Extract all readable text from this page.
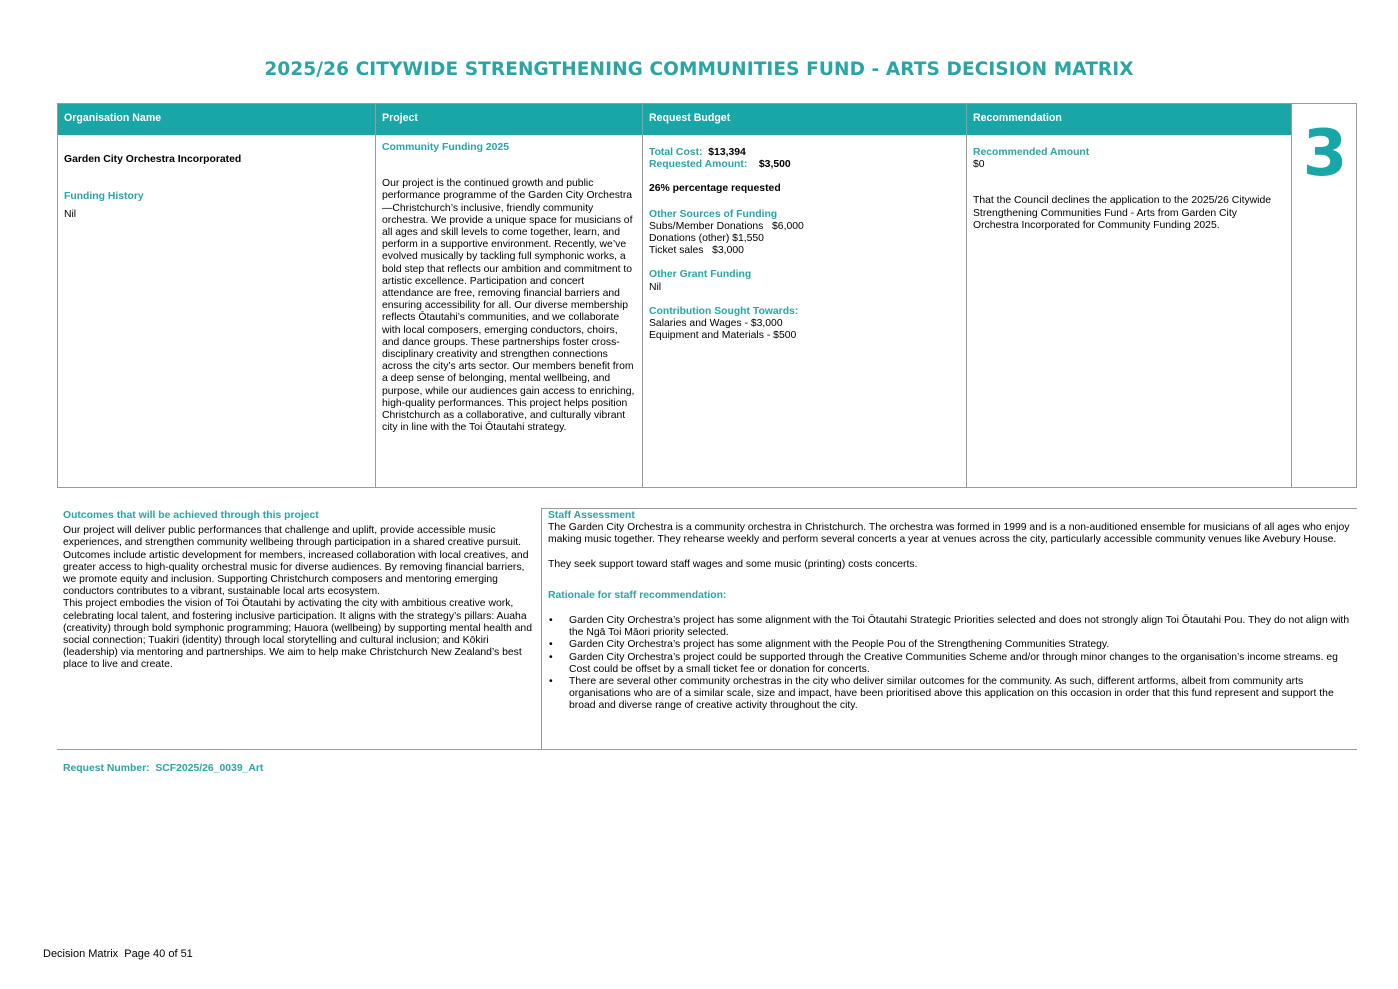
2025/26 CITYWIDE STRENGTHENING COMMUNITIES FUND - ARTS DECISION MATRIX
Organisation Name

Garden City Orchestra Incorporated

Funding History

Nil

Project

Community Funding 2025

Our project is the continued growth and public performance programme of the Garden City Orchestra—Christchurch’s inclusive, friendly community orchestra. We provide a unique space for musicians of all ages and skill levels to come together, learn, and perform in a supportive environment. Recently, we’ve evolved musically by tackling full symphonic works, a bold step that reflects our ambition and commitment to artistic excellence. Participation and concert attendance are free, removing financial barriers and ensuring accessibility for all. Our diverse membership reflects Ōtautahi’s communities, and we collaborate with local composers, emerging conductors, choirs, and dance groups. These partnerships foster cross-disciplinary creativity and strengthen connections across the city’s arts sector. Our members benefit from a deep sense of belonging, mental wellbeing, and purpose, while our audiences gain access to enriching, high-quality performances. This project helps position Christchurch as a collaborative, and culturally vibrant city in line with the Toi Ōtautahi strategy.

Request Budget

Total Cost: $13,394

Requested Amount: $3,500

26% percentage requested

Other Sources of Funding

Subs/Member Donations   $6,000

Donations (other) $1,550

Ticket sales   $3,000

Other Grant Funding

Nil

Contribution Sought Towards:

Salaries and Wages - $3,000

Equipment and Materials - $500

Recommendation

Recommended Amount

$0

That the Council declines the application to the 2025/26 Citywide Strengthening Communities Fund - Arts from Garden City Orchestra Incorporated for Community Funding 2025.

3

Outcomes that will be achieved through this project

Our project will deliver public performances that challenge and uplift, provide accessible music experiences, and strengthen community wellbeing through participation in a shared creative pursuit. Outcomes include artistic development for members, increased collaboration with local creatives, and greater access to high-quality orchestral music for diverse audiences. By removing financial barriers, we promote equity and inclusion. Supporting Christchurch composers and mentoring emerging conductors contributes to a vibrant, sustainable local arts ecosystem.

This project embodies the vision of Toi Ōtautahi by activating the city with ambitious creative work, celebrating local talent, and fostering inclusive participation. It aligns with the strategy’s pillars: Auaha (creativity) through bold symphonic programming; Hauora (wellbeing) by supporting mental health and social connection; Tuakiri (identity) through local storytelling and cultural inclusion; and Kōkiri (leadership) via mentoring and partnerships. We aim to help make Christchurch New Zealand’s best place to live and create.

Staff Assessment

The Garden City Orchestra is a community orchestra in Christchurch. The orchestra was formed in 1999 and is a non-auditioned ensemble for musicians of all ages who enjoy making music together. They rehearse weekly and perform several concerts a year at venues across the city, particularly accessible community venues like Avebury House.

They seek support toward staff wages and some music (printing) costs concerts.

Rationale for staff recommendation:

• Garden City Orchestra’s project has some alignment with the Toi Ōtautahi Strategic Priorities selected and does not strongly align Toi Ōtautahi Pou. They do not align with the Ngā Toi Māori priority selected.
• Garden City Orchestra’s project has some alignment with the People Pou of the Strengthening Communities Strategy.
• Garden City Orchestra’s project could be supported through the Creative Communities Scheme and/or through minor changes to the organisation’s income streams. eg Cost could be offset by a small ticket fee or donation for concerts.
• There are several other community orchestras in the city who deliver similar outcomes for the community. As such, different artforms, albeit from community arts organisations who are of a similar scale, size and impact, have been prioritised above this application on this occasion in order that this fund represent and support the broad and diverse range of creative activity throughout the city.
Request Number:  SCF2025/26_0039_Art
Decision Matrix  Page 40 of 51
